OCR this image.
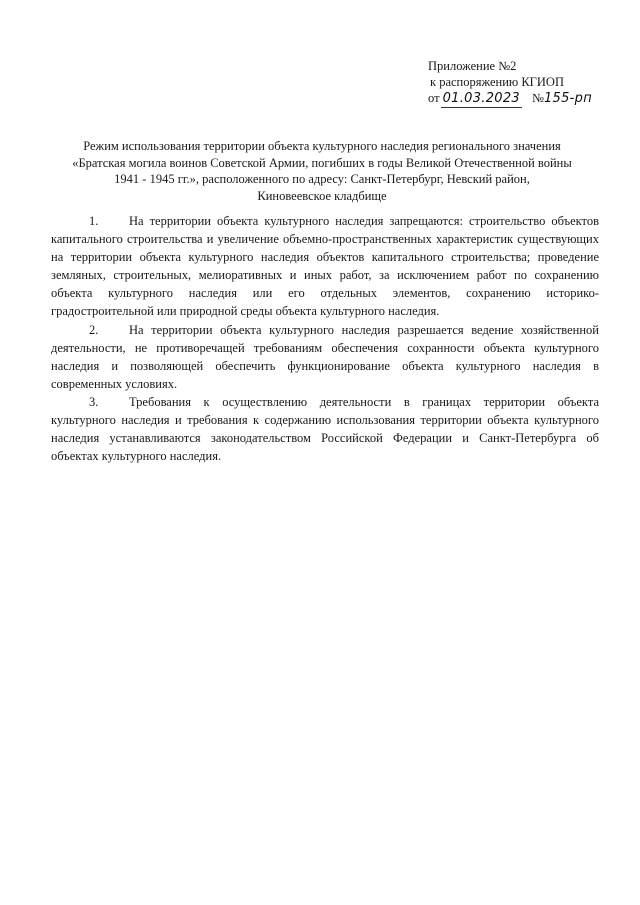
Приложение №2
к распоряжению КГИОП
от 01.03.2023 №155-рп
Режим использования территории объекта культурного наследия регионального значения
«Братская могила воинов Советской Армии, погибших в годы Великой Отечественной войны
1941 - 1945 гг.», расположенного по адресу: Санкт-Петербург, Невский район,
Киновеевское кладбище

1. На территории объекта культурного наследия запрещаются: строительство объектов капитального строительства и увеличение объемно-пространственных характеристик существующих на территории объекта культурного наследия объектов капитального строительства; проведение земляных, строительных, мелиоративных и иных работ, за исключением работ по сохранению объекта культурного наследия или его отдельных элементов, сохранению историко-градостроительной или природной среды объекта культурного наследия.

2. На территории объекта культурного наследия разрешается ведение хозяйственной деятельности, не противоречащей требованиям обеспечения сохранности объекта культурного наследия и позволяющей обеспечить функционирование объекта культурного наследия в современных условиях.

3. Требования к осуществлению деятельности в границах территории объекта культурного наследия и требования к содержанию использования территории объекта культурного наследия устанавливаются законодательством Российской Федерации и Санкт-Петербурга об объектах культурного наследия.
